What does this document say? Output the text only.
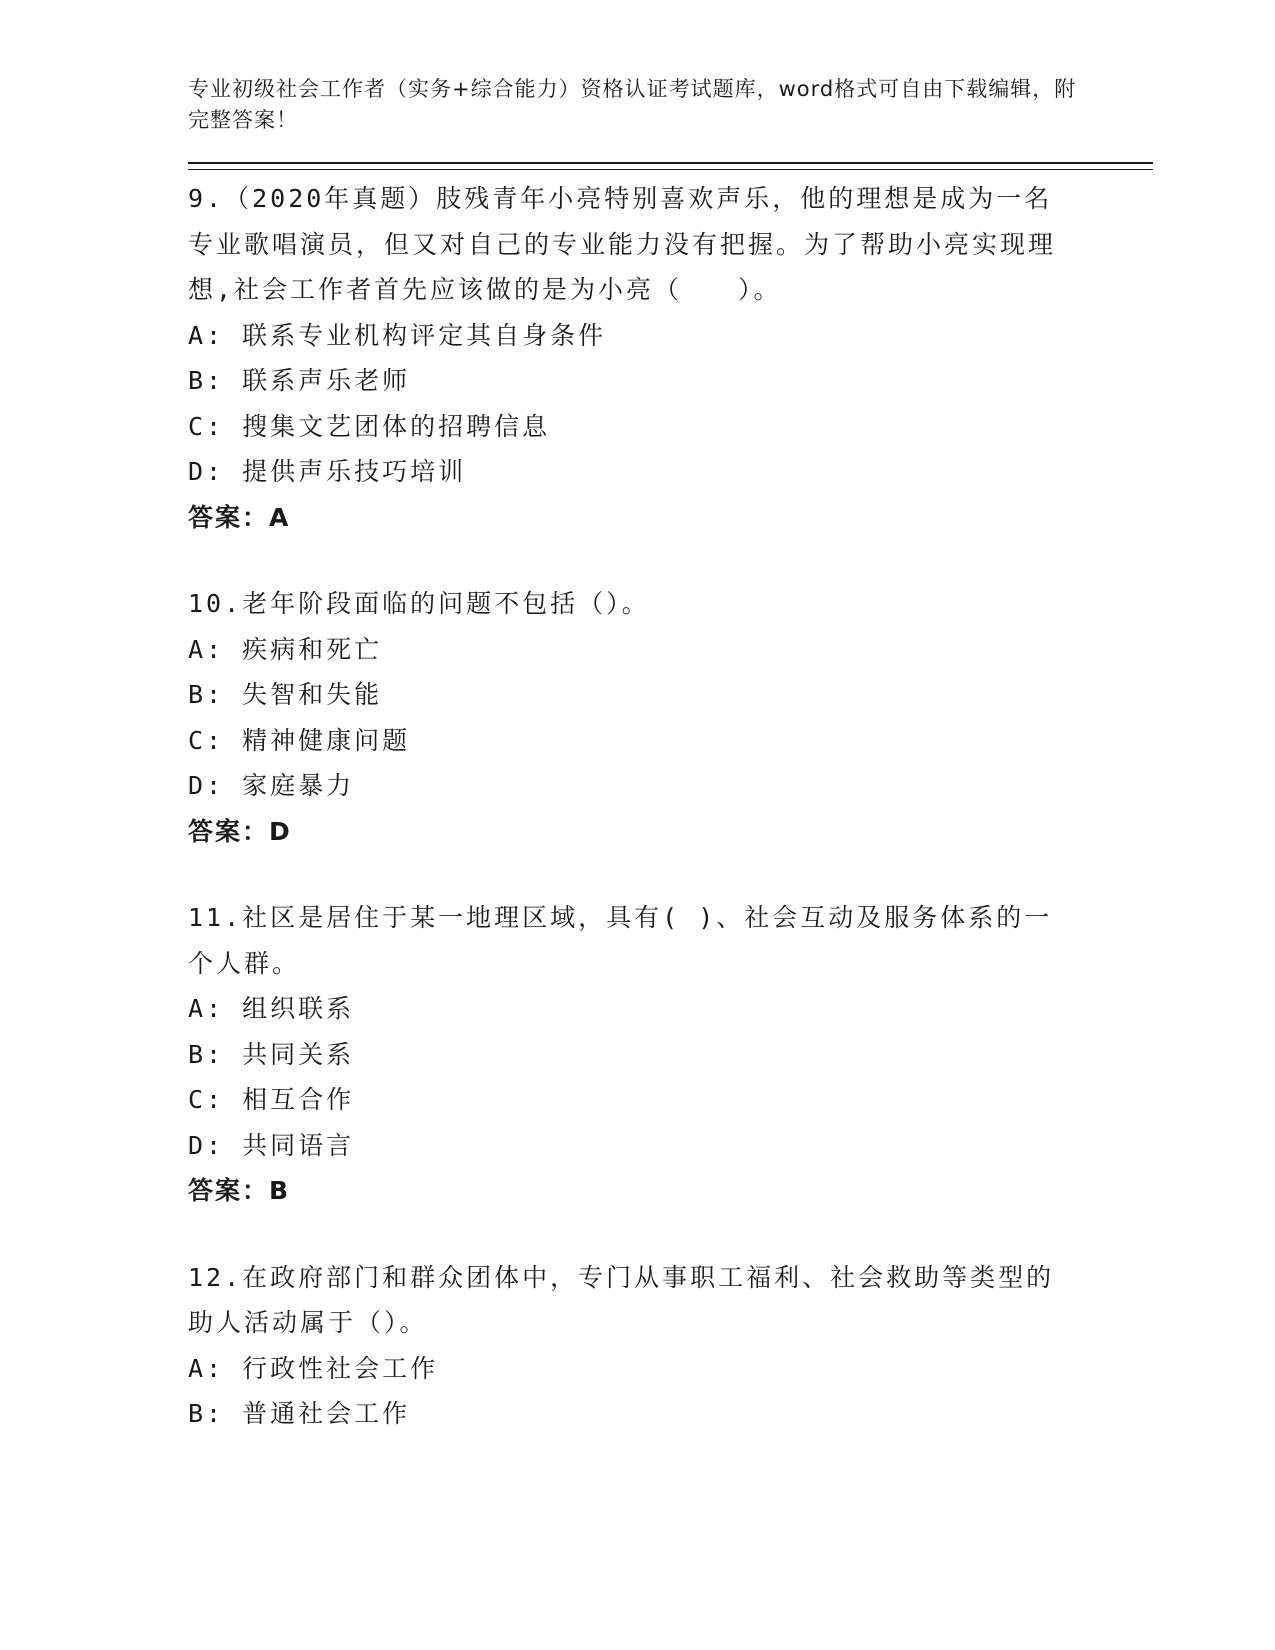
专业初级社会工作者（实务+综合能力）资格认证考试题库，word格式可自由下载编辑，附完整答案！

9.（2020年真题）肢残青年小亮特别喜欢声乐，他的理想是成为一名专业歌唱演员，但又对自己的专业能力没有把握。为了帮助小亮实现理想,社会工作者首先应该做的是为小亮（　　）。

A: 联系专业机构评定其自身条件

B: 联系声乐老师

C: 搜集文艺团体的招聘信息

D: 提供声乐技巧培训

答案：A

10.老年阶段面临的问题不包括（）。

A: 疾病和死亡

B: 失智和失能

C: 精神健康问题

D: 家庭暴力

答案：D

11.社区是居住于某一地理区域，具有( )、社会互动及服务体系的一个人群。

A: 组织联系

B: 共同关系

C: 相互合作

D: 共同语言

答案：B

12.在政府部门和群众团体中，专门从事职工福利、社会救助等类型的助人活动属于（）。

A: 行政性社会工作

B: 普通社会工作
